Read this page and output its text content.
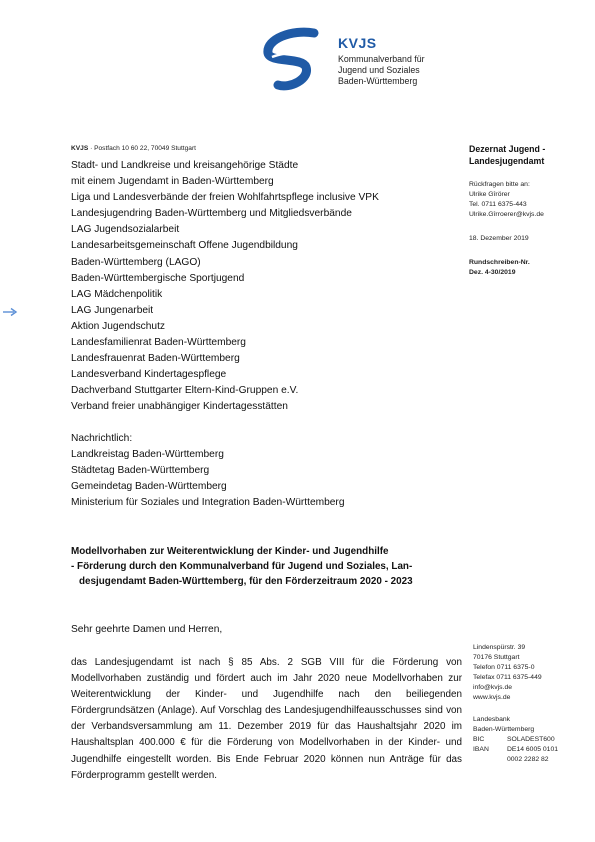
KVJS
Kommunalverband für
Jugend und Soziales
Baden-Württemberg
KVJS · Postfach 10 60 22, 70049 Stuttgart
Stadt- und Landkreise und kreisangehörige Städte
mit einem Jugendamt in Baden-Württemberg
Liga und Landesverbände der freien Wohlfahrtspflege inclusive VPK
Landesjugendring Baden-Württemberg und Mitgliedsverbände
LAG Jugendsozialarbeit
Landesarbeitsgemeinschaft Offene Jugendbildung
Baden-Württemberg (LAGO)
Baden-Württembergische Sportjugend
LAG Mädchenpolitik
LAG Jungenarbeit
Aktion Jugendschutz
Landesfamilienrat Baden-Württemberg
Landesfrauenrat Baden-Württemberg
Landesverband Kindertagespflege
Dachverband Stuttgarter Eltern-Kind-Gruppen e.V.
Verband freier unabhängiger Kindertagesstätten
Nachrichtlich:
Landkreistag Baden-Württemberg
Städtetag Baden-Württemberg
Gemeindetag Baden-Württemberg
Ministerium für Soziales und Integration Baden-Württemberg
Dezernat Jugend -
Landesjugendamt
Rückfragen bitte an:
Ulrike Gîrörer
Tel. 0711 6375-443
Ulrike.Gîrroerer@kvjs.de
18. Dezember 2019
Rundschreiben-Nr.
Dez. 4-30/2019
Modellvorhaben zur Weiterentwicklung der Kinder- und Jugendhilfe
- Förderung durch den Kommunalverband für Jugend und Soziales, Lan-
desjugendamt Baden-Württemberg, für den Förderzeitraum 2020 - 2023
Sehr geehrte Damen und Herren,
das Landesjugendamt ist nach § 85 Abs. 2 SGB VIII für die Förderung von Modellvorhaben zuständig und fördert auch im Jahr 2020 neue Modellvorhaben zur Weiterentwicklung der Kinder- und Jugendhilfe nach den beiliegenden Fördergrundsätzen (Anlage). Auf Vorschlag des Landesjugendhilfeausschusses sind von der Verbandsversammlung am 11. Dezember 2019 für das Haushaltsjahr 2020 im Haushaltsplan 400.000 € für die Förderung von Modellvorhaben in der Kinder- und Jugendhilfe eingestellt worden. Bis Ende Februar 2020 können nun Anträge für das Förderprogramm gestellt werden.
Lindenspürstr. 39
70176 Stuttgart
Telefon 0711 6375-0
Telefax 0711 6375-449
info@kvjs.de
www.kvjs.de
Landesbank
Baden-Württemberg
BIC	SOLADEST600
IBAN	DE14 6005 0101
0002 2282 82
